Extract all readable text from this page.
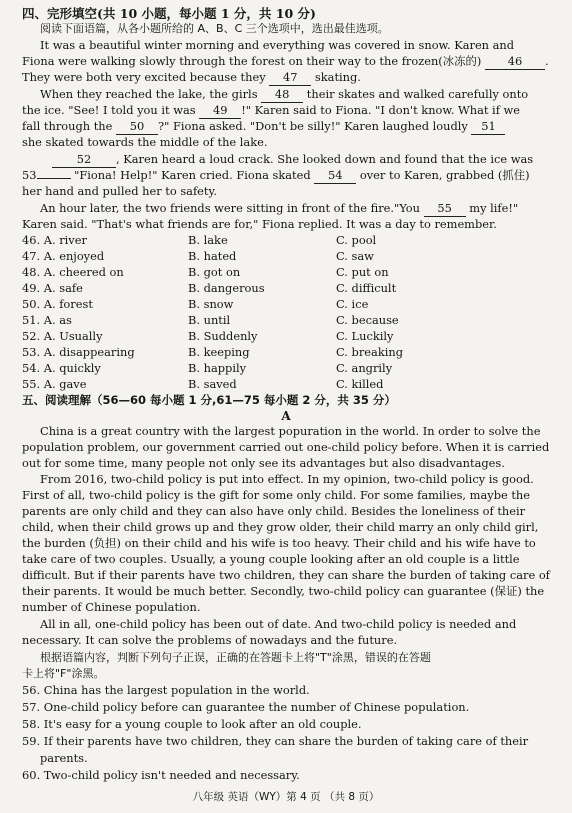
四、完形填空(共 10 小题，每小题 1 分，共 10 分)
阅读下面语篇，从各小题所给的 A、B、C 三个选项中，选出最佳选项。
It was a beautiful winter morning and everything was covered in snow. Karen and
Fiona were walking slowly through the forest on their way to the frozen(冰冻的) 46 .
They were both very excited because they 47 skating.
When they reached the lake, the girls 48 their skates and walked carefully onto
the ice. "See! I told you it was 49 !" Karen said to Fiona. "I don't know. What if we
fall through the 50 ?" Fiona asked. "Don't be silly!" Karen laughed loudly 51
she skated towards the middle of the lake.
52 , Karen heard a loud crack. She looked down and found that the ice was
53	"Fiona! Help!" Karen cried. Fiona skated 54 over to Karen, grabbed (抓住)
her hand and pulled her to safety.
An hour later, the two friends were sitting in front of the fire."You 55 my life!"
Karen said. "That's what friends are for," Fiona replied. It was a day to remember.
46. A. river	B. lake	C. pool
47. A. enjoyed	B. hated	C. saw
48. A. cheered on	B. got on	C. put on
49. A. safe	B. dangerous	C. difficult
50. A. forest	B. snow	C. ice
51. A. as	B. until	C. because
52. A. Usually	B. Suddenly	C. Luckily
53. A. disappearing	B. keeping	C. breaking
54. A. quickly	B. happily	C. angrily
55. A. gave	B. saved	C. killed
五、阅读理解（56—60 每小题 1 分,61—75 每小题 2 分，共 35 分）
A
China is a great country with the largest popuration in the world. In order to solve the
population problem, our government carried out one-child policy before. When it is carried
out for some time, many people not only see its advantages but also disadvantages.
From 2016, two-child policy is put into effect. In my opinion, two-child policy is good.
First of all, two-child policy is the gift for some only child. For some families, maybe the
parents are only child and they can also have only child. Besides the loneliness of their
child, when their child grows up and they grow older, their child marry an only child girl,
the burden (负担) on their child and his wife is too heavy. Their child and his wife have to
take care of two couples. Usually, a young couple looking after an old couple is a little
difficult. But if their parents have two children, they can share the burden of taking care of
their parents. It would be much better. Secondly, two-child policy can guarantee (保证) the
number of Chinese population.
All in all, one-child policy has been out of date. And two-child policy is needed and
necessary. It can solve the problems of nowadays and the future.
根据语篇内容，判断下列句子正误，正确的在答题卡上将"T"涂黑，错误的在答题
卡上将"F"涂黑。
56. China has the largest population in the world.
57. One-child policy before can guarantee the number of Chinese population.
58. It's easy for a young couple to look after an old couple.
59. If their parents have two children, they can share the burden of taking care of their
parents.
60. Two-child policy isn't needed and necessary.
八年级 英语（WY）第 4 页 （共 8 页）
